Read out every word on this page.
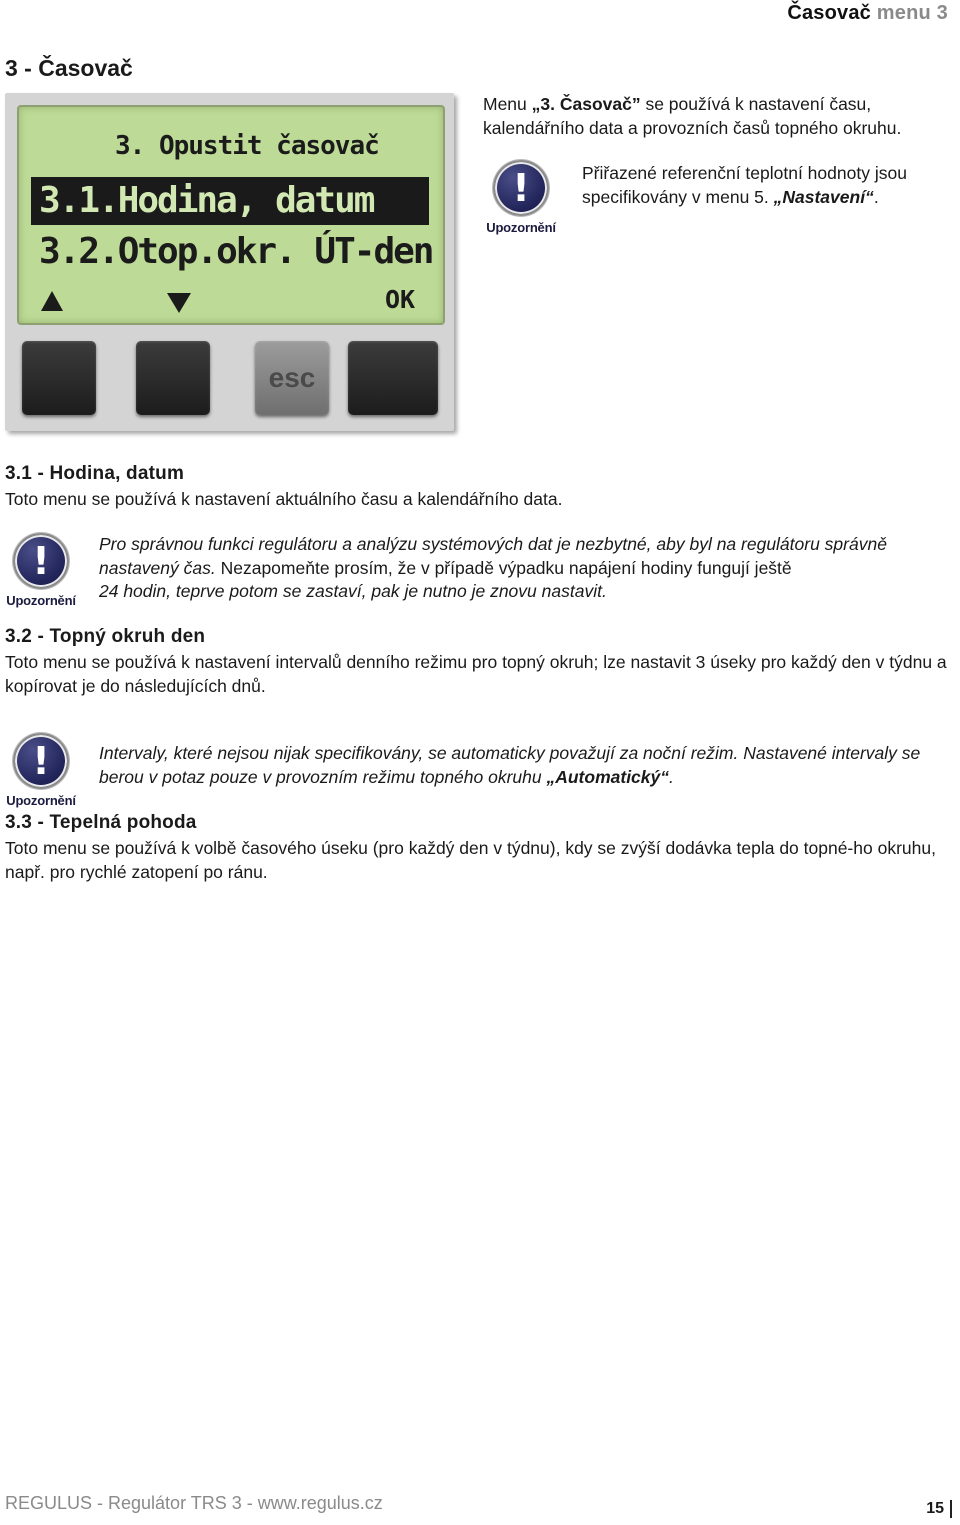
Časovač menu 3
3 - Časovač
3. Opustit časovač
3.1.Hodina, datum
3.2.Otop.okr. ÚT-den
OK
esc
Menu „3. Časovač” se používá k nastavení času, kalendářního data a provozních časů topného okruhu.
!
Upozornění
Přiřazené referenční teplotní hodnoty jsou specifikovány v menu 5. „Nastavení“.
3.1 - Hodina, datum
Toto menu se používá k nastavení aktuálního času a kalendářního data.
!
Upozornění
Pro správnou funkci regulátoru a analýzu systémových dat je nezbytné, aby byl na regulátoru správně nastavený čas. Nezapomeňte prosím, že v případě výpadku napájení hodiny fungují ještě
24 hodin, teprve potom se zastaví, pak je nutno je znovu nastavit.
3.2 - Topný okruh den
Toto menu se používá k nastavení intervalů denního režimu pro topný okruh; lze nastavit 3 úseky pro každý den v týdnu a kopírovat je do následujících dnů.
!
Upozornění
Intervaly, které nejsou nijak specifikovány, se automaticky považují za noční režim. Nastavené intervaly se berou v potaz pouze v provozním režimu topného okruhu „Automatický“.
3.3 - Tepelná pohoda
Toto menu se používá k volbě časového úseku (pro každý den v týdnu), kdy se zvýší dodávka tepla do topné-ho okruhu, např. pro rychlé zatopení po ránu.
REGULUS - Regulátor TRS 3 - www.regulus.cz	15
